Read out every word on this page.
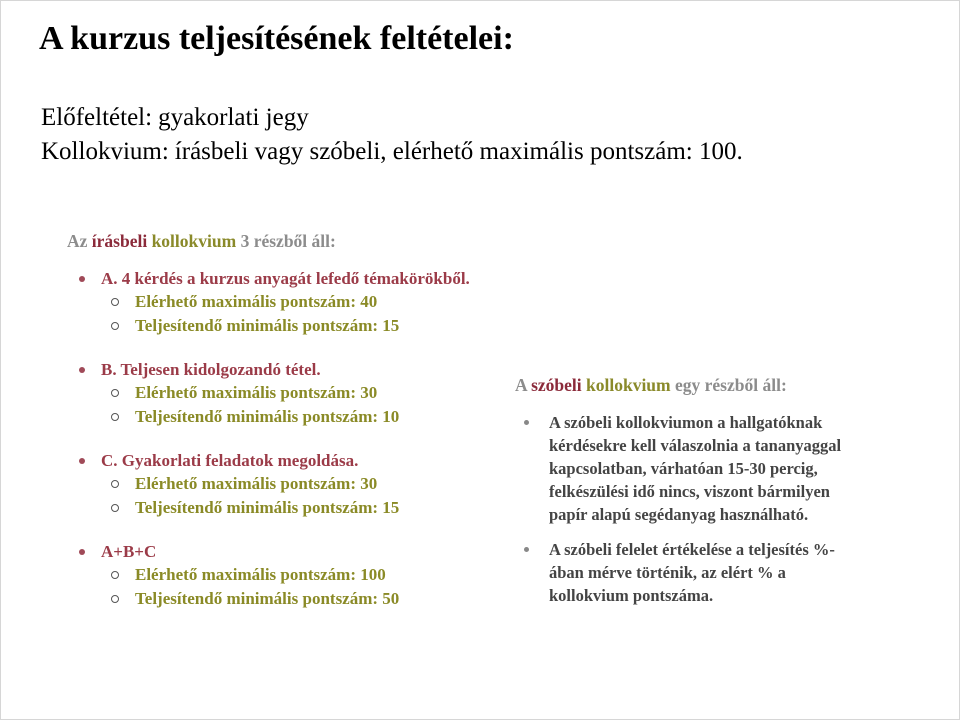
A kurzus teljesítésének feltételei:
Előfeltétel: gyakorlati jegy
Kollokvium: írásbeli vagy szóbeli, elérhető maximális pontszám: 100.
Az írásbeli kollokvium 3 részből áll:
A. 4 kérdés a kurzus anyagát lefedő témakörökből.
Elérhető maximális pontszám: 40
Teljesítendő minimális pontszám: 15
B. Teljesen kidolgozandó tétel.
Elérhető maximális pontszám: 30
Teljesítendő minimális pontszám: 10
C. Gyakorlati feladatok megoldása.
Elérhető maximális pontszám: 30
Teljesítendő minimális pontszám: 15
A+B+C
Elérhető maximális pontszám: 100
Teljesítendő minimális pontszám: 50
A szóbeli kollokvium egy részből áll:
A szóbeli kollokviumon a hallgatóknak
kérdésekre kell válaszolnia a tananyaggal
kapcsolatban, várhatóan 15-30 percig,
felkészülési idő nincs, viszont bármilyen
papír alapú segédanyag használható.
A szóbeli felelet értékelése a teljesítés %-
ában mérve történik, az elért % a
kollokvium pontszáma.
